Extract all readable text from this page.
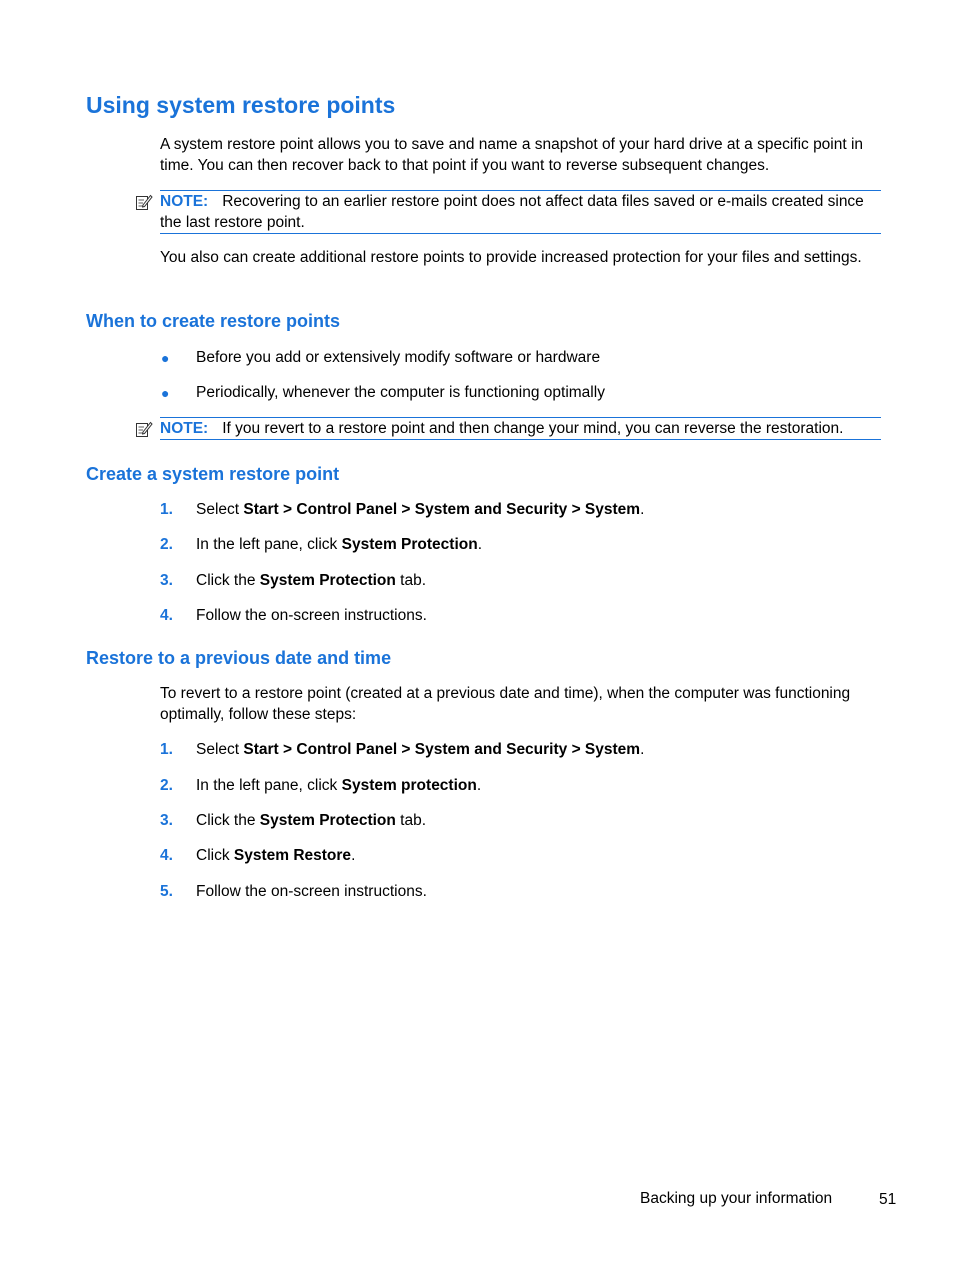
Using system restore points

A system restore point allows you to save and name a snapshot of your hard drive at a specific point in time. You can then recover back to that point if you want to reverse subsequent changes.

NOTE: Recovering to an earlier restore point does not affect data files saved or e-mails created since the last restore point.

You also can create additional restore points to provide increased protection for your files and settings.

When to create restore points
● Before you add or extensively modify software or hardware
● Periodically, whenever the computer is functioning optimally
NOTE: If you revert to a restore point and then change your mind, you can reverse the restoration.
Create a system restore point
1. Select Start > Control Panel > System and Security > System.
2. In the left pane, click System Protection.
3. Click the System Protection tab.
4. Follow the on-screen instructions.
Restore to a previous date and time

To revert to a restore point (created at a previous date and time), when the computer was functioning optimally, follow these steps:

1. Select Start > Control Panel > System and Security > System.
2. In the left pane, click System protection.
3. Click the System Protection tab.
4. Click System Restore.
5. Follow the on-screen instructions.
Backing up your information	51
